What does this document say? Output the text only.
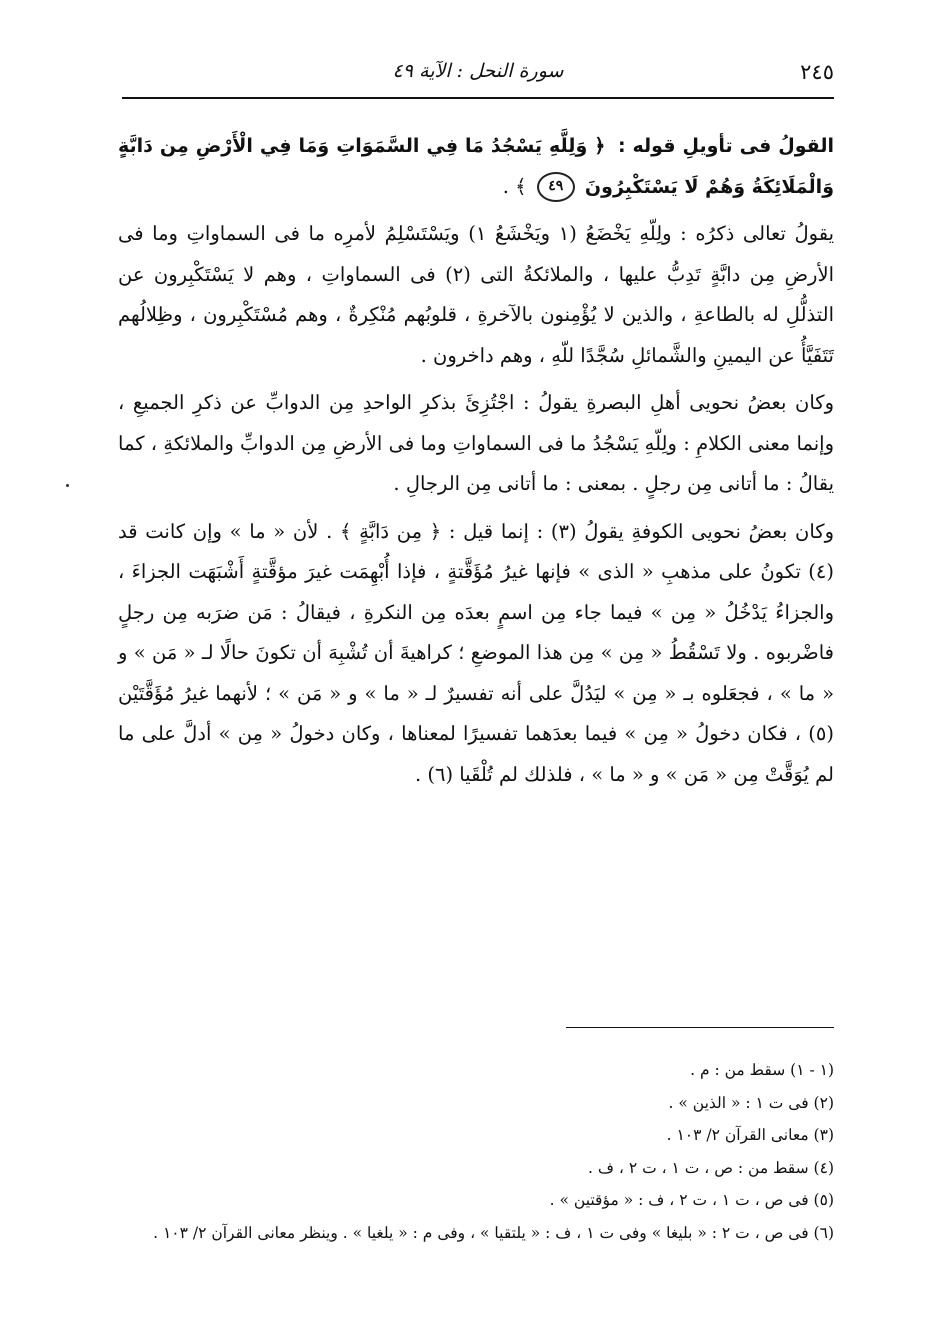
٢٤٥
سورة النحل : الآية ٤٩

القولُ فى تأويلِ قوله : ﴿ وَلِلَّهِ يَسْجُدُ مَا فِي السَّمَوَاتِ وَمَا فِي الْأَرْضِ مِن دَابَّةٍ وَالْمَلَائِكَةُ وَهُمْ لَا يَسْتَكْبِرُونَ ٤٩ ﴾ .

يقولُ تعالى ذكرُه : ولِلّهِ يَخْضَعُ (١ ويَخْشَعُ ١) ويَسْتَسْلِمُ لأمرِه ما فى السماواتِ وما فى الأرضِ مِن دابَّةٍ تَدِبُّ عليها ، والملائكةُ التى (٢) فى السماواتِ ، وهم لا يَسْتَكْبِرون عن التذلُّلِ له بالطاعةِ ، والذين لا يُؤْمِنون بالآخرةِ ، قلوبُهم مُنْكِرةٌ ، وهم مُسْتَكْبِرون ، وظِلالُهم تَتَفَيَّأُ عن اليمينِ والشَّمائلِ سُجَّدًا للّهِ ، وهم داخرون .

وكان بعضُ نحويى أهلِ البصرةِ يقولُ : اجْتُزِئَ بذكرِ الواحدِ مِن الدوابِّ عن ذكرِ الجميعِ ، وإنما معنى الكلامِ : ولِلّهِ يَسْجُدُ ما فى السماواتِ وما فى الأرضِ مِن الدوابِّ والملائكةِ ، كما يقالُ : ما أتانى مِن رجلٍ . بمعنى : ما أتانى مِن الرجالِ .

وكان بعضُ نحويى الكوفةِ يقولُ (٣) : إنما قيل : ﴿ مِن دَابَّةٍ ﴾ . لأن « ما » وإن كانت قد (٤) تكونُ على مذهبِ « الذى » فإنها غيرُ مُؤَقَّتةٍ ، فإذا أُبْهِمَت غيرَ مؤقَّتةٍ أَشْبَهَت الجزاءَ ، والجزاءُ يَدْخُلُ « مِن » فيما جاء مِن اسمٍ بعدَه مِن النكرةِ ، فيقالُ : مَن ضرَبه مِن رجلٍ فاضْربوه . ولا تَسْقُطُ « مِن » مِن هذا الموضعِ ؛ كراهيةَ أن تُشْبِهَ أن تكونَ حالًا لـ « مَن » و « ما » ، فجعَلوه بـ « مِن » ليَدُلَّ على أنه تفسيرٌ لـ « ما » و « مَن » ؛ لأنهما غيرُ مُؤَقَّتَيْن (٥) ، فكان دخولُ « مِن » فيما بعدَهما تفسيرًا لمعناها ، وكان دخولُ « مِن » أدلَّ على ما لم يُوَقَّتْ مِن « مَن » و « ما » ، فلذلك لم تُلْقَيا (٦) .

(١ - ١) سقط من : م .
(٢) فى ت ١ : « الذين » .
(٣) معانى القرآن ٢/ ١٠٣ .
(٤) سقط من : ص ، ت ١ ، ت ٢ ، ف .
(٥) فى ص ، ت ١ ، ت ٢ ، ف : « مؤقتين » .
(٦) فى ص ، ت ٢ : « بليغا » وفى ت ١ ، ف : « يلتقيا » ، وفى م : « يلغيا » . وينظر معانى القرآن ٢/ ١٠٣ .
